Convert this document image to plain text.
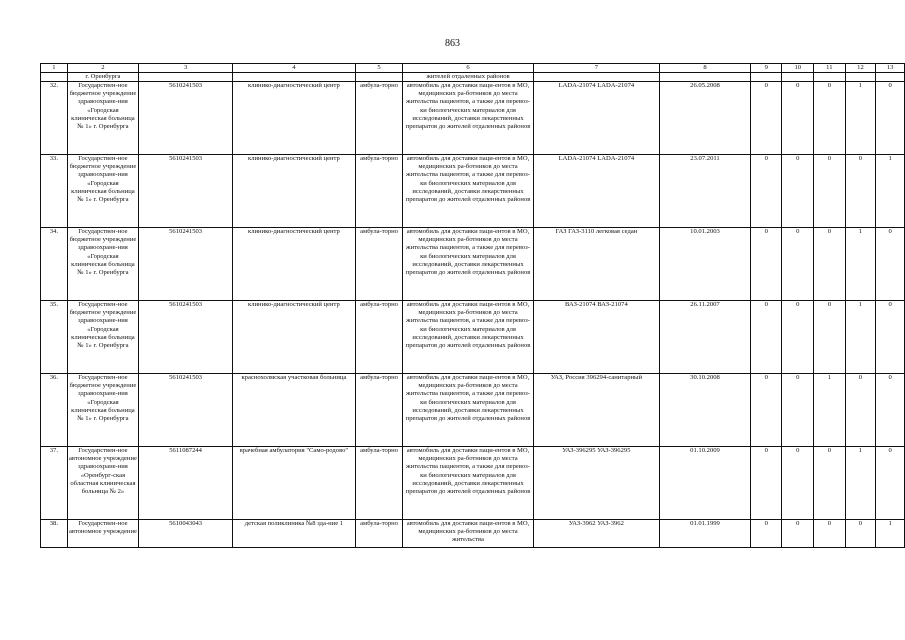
863
1	2	3	4	5	6	7	8	9	10	11	12	13
	г. Оренбурга				жителей отдаленных районов							
32.	Государствен-ное бюджетное учреждение здравоохране-ния «Городская клиническая больница № 1» г. Оренбурга	5610241503	клинико-диагностический центр	амбула-торно	автомобиль для доставки паци-ентов в МО, медицинских ра-ботников до места жительства пациентов, а также для перевоз-ки биологических материалов для исследований, доставки лекарственных препаратов до жителей отдаленных районов	LADA-21074 LADA-21074	26.05.2008	0	0	0	1	0
33.	Государствен-ное бюджетное учреждение здравоохране-ния «Городская клиническая больница № 1» г. Оренбурга	5610241503	клинико-диагностический центр	амбула-торно	автомобиль для доставки паци-ентов в МО, медицинских ра-ботников до места жительства пациентов, а также для перевоз-ки биологических материалов для исследований, доставки лекарственных препаратов до жителей отдаленных районов	LADA-21074 LADA-21074	23.07.2011	0	0	0	0	1
34.	Государствен-ное бюджетное учреждение здравоохране-ния «Городская клиническая больница № 1» г. Оренбурга	5610241503	клинико-диагностический центр	амбула-торно	автомобиль для доставки паци-ентов в МО, медицинских ра-ботников до места жительства пациентов, а также для перевоз-ки биологических материалов для исследований, доставки лекарственных препаратов до жителей отдаленных районов	ГАЗ ГАЗ-3110 легковая седан	10.01.2003	0	0	0	1	0
35.	Государствен-ное бюджетное учреждение здравоохране-ния «Городская клиническая больница № 1» г. Оренбурга	5610241503	клинико-диагностический центр	амбула-торно	автомобиль для доставки паци-ентов в МО, медицинских ра-ботников до места жительства пациентов, а также для перевоз-ки биологических материалов для исследований, доставки лекарственных препаратов до жителей отдаленных районов	ВАЗ-21074 ВАЗ-21074	26.11.2007	0	0	0	1	0
36.	Государствен-ное бюджетное учреждение здравоохране-ния «Городская клиническая больница № 1» г. Оренбурга	5610241503	краснохолмская участковая больница	амбула-торно	автомобиль для доставки паци-ентов в МО, медицинских ра-ботников до места жительства пациентов, а также для перевоз-ки биологических материалов для исследований, доставки лекарственных препаратов до жителей отдаленных районов	УАЗ, Россия 396294-санитарный	30.10.2008	0	0	1	0	0
37.	Государствен-ное автономное учреждение здравоохране-ния «Оренбург-ская областная клиническая больница № 2»	5611087244	врачебная амбулатория "Само-родово"	амбула-торно	автомобиль для доставки паци-ентов в МО, медицинских ра-ботников до места жительства пациентов, а также для перевоз-ки биологических материалов для исследований, доставки лекарственных препаратов до жителей отдаленных районов	УАЗ-396295 УАЗ-396295	01.10.2009	0	0	0	1	0
38.	Государствен-ное автономное учреждение	5610043043	детская поликлиника №8 зда-ние 1	амбула-торно	автомобиль для доставки паци-ентов в МО, медицинских ра-ботников до места жительства	УАЗ-3962 УАЗ-3962	01.01.1999	0	0	0	0	1
